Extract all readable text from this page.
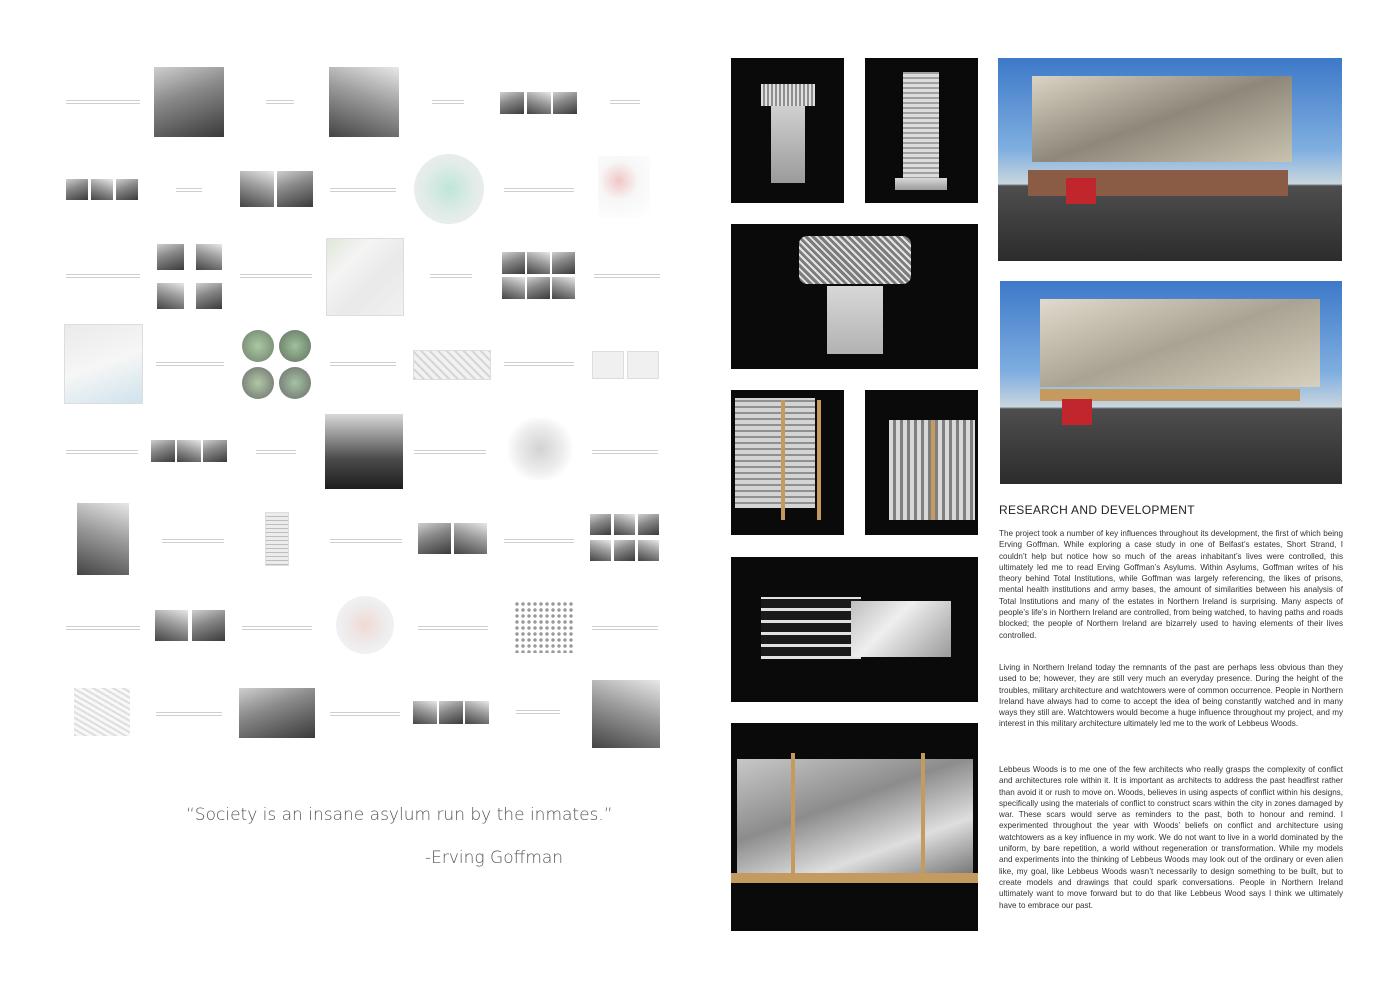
“Society is an insane asylum run by the inmates.”
-Erving Goffman
RESEARCH AND DEVELOPMENT
The project took a number of key influences throughout its development, the first of which being Erving Goffman. While exploring a case study in one of Belfast’s estates, Short Strand, I couldn’t help but notice how so much of the areas inhabitant’s lives were controlled, this ultimately led me to read Erving Goffman’s Asylums. Within Asylums, Goffman writes of his theory behind Total Institutions, while Goffman was largely referencing, the likes of prisons, mental health institutions and army bases, the amount of similarities between his analysis of Total Institutions and many of the estates in Northern Ireland is surprising. Many aspects of people’s life’s in Northern Ireland are controlled, from being watched, to having paths and roads blocked; the people of Northern Ireland are bizarrely used to having elements of their lives controlled.
Living in Northern Ireland today the remnants of the past are perhaps less obvious than they used to be; however, they are still very much an everyday presence. During the height of the troubles, military architecture and watchtowers were of common occurrence. People in Northern Ireland have always had to come to accept the idea of being constantly watched and in many ways they still are. Watchtowers would become a huge influence throughout my project, and my interest in this military architecture ultimately led me to the work of Lebbeus Woods.
Lebbeus Woods is to me one of the few architects who really grasps the complexity of conflict and architectures role within it. It is important as architects to address the past headfirst rather than avoid it or rush to move on. Woods, believes in using aspects of conflict within his designs, specifically using the materials of conflict to construct scars within the city in zones damaged by war. These scars would serve as reminders to the past, both to honour and remind. I experimented throughout the year with Woods’ beliefs on conflict and architecture using watchtowers as a key influence in my work. We do not want to live in a world dominated by the uniform, by bare repetition, a world without regeneration or transformation. While my models and experiments into the thinking of Lebbeus Woods may look out of the ordinary or even alien like, my goal, like Lebbeus Woods wasn’t necessarily to design something to be built, but to create models and drawings that could spark conversations. People in Northern Ireland ultimately want to move forward but to do that like Lebbeus Wood says I think we ultimately have to embrace our past.
